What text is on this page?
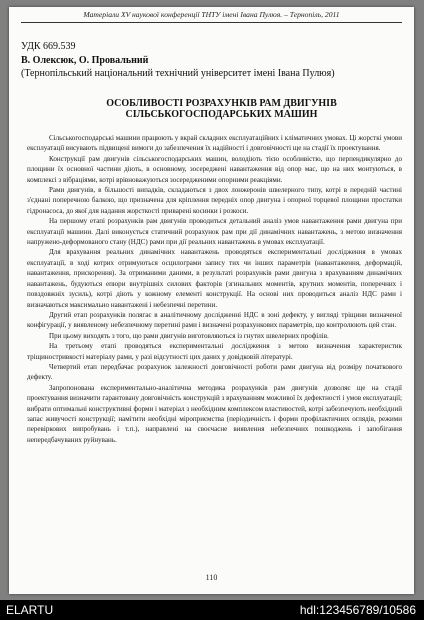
Матеріали XV наукової конференції ТНТУ імені Івана Пулюя. – Тернопіль, 2011
УДК 669.539
В. Олексюк, О. Провальний
(Тернопільський національний технічний університет імені Івана Пулюя)
ОСОБЛИВОСТІ РОЗРАХУНКІВ РАМ ДВИГУНІВ СІЛЬСЬКОГОСПОДАРСЬКИХ МАШИН

Сільськогосподарські машини працюють у вкрай складних експлуатаційних і кліматичних умовах. Ці жорсткі умови експлуатації висувають підвищені вимоги до забезпечення їх надійності і довговічності ще на стадії їх проектування.

Конструкції рам двигунів сільськогосподарських машин, володіють тією особливістю, що перпендикулярно до площини їх основної частини діють, в основному, зосереджені навантаження від опор мас, що на них монтуються, в комплексі з вібраціями, котрі врівноважуються зосередженими опорними реакціями.

Рами двигунів, в більшості випадків, складаються з двох лонжеронів швелерного типу, котрі в передній частині з'єднані поперечною балкою, що призначена для кріплення передніх опор двигуна і опорної торцевої площини простатки гідронасоса, до якої для надання жорсткості приварені косинки і розкоси.

На першому етапі розрахунків рам двигунів проводиться детальний аналіз умов навантаження рами двигуна при експлуатації машини. Далі виконується статичний розрахунок рам при дії динамічних навантажень, з метою визначення напружено-деформованого стану (НДС) рами при дії реальних навантажень в умовах експлуатації.

Для врахування реальних динамічних навантажень проводяться експериментальні дослідження в умовах експлуатації, в ході котрих отримуються осцилограми запису тих чи інших параметрів (навантаження, деформацій, навантаження, прискорення). За отриманими даними, в результаті розрахунків рами двигуна з врахуванням динамічних навантажень, будуються епюри внутрішніх силових факторів (згинальних моментів, крутних моментів, поперечних і повздовжніх зусиль), котрі діють у кожному елементі конструкції. На основі них проводиться аналіз НДС рами і визначаються максимально навантажені і небезпечні перетини.

Другий етап розрахунків полягає в аналітичному дослідженні НДС в зоні дефекту, у вигляді тріщини визначеної конфігурації, у виявленому небезпечному перетині рами і визначені розрахункових параметрів, що контролюють цей стан.

При цьому виходять з того, що рами двигунів виготовляються із гнутих швелерних профілів.

На третьому етапі проводяться експериментальні дослідження з метою визначення характеристик тріщиностривкості матеріалу рами, у разі відсутності цих даних у довідковій літературі.

Четвертий етап передбачає розрахунок залежності довговічності роботи рами двигуна від розміру початкового дефекту.

Запропонована експериментально-аналітична методика розрахунків рам двигунів дозволяє ще на стадії проектування визначити гарантовану довговічність конструкцій з врахуванням можливої їх дефектності і умов експлуатації; вибрати оптимальні конструктивні форми і матеріал з необхідним комплексом властивостей, котрі забезпечують необхідний запас живучості конструкції; намітити необхідні міроприємства (періодичність і форми профілактичних оглядів, режими перевіркових випробувань і т.п.), направлені на своєчасне виявлення небезпечних пошкоджень і запобігання непередбачуваних руйнувань.

110
ELARTU	hdl:123456789/10586
